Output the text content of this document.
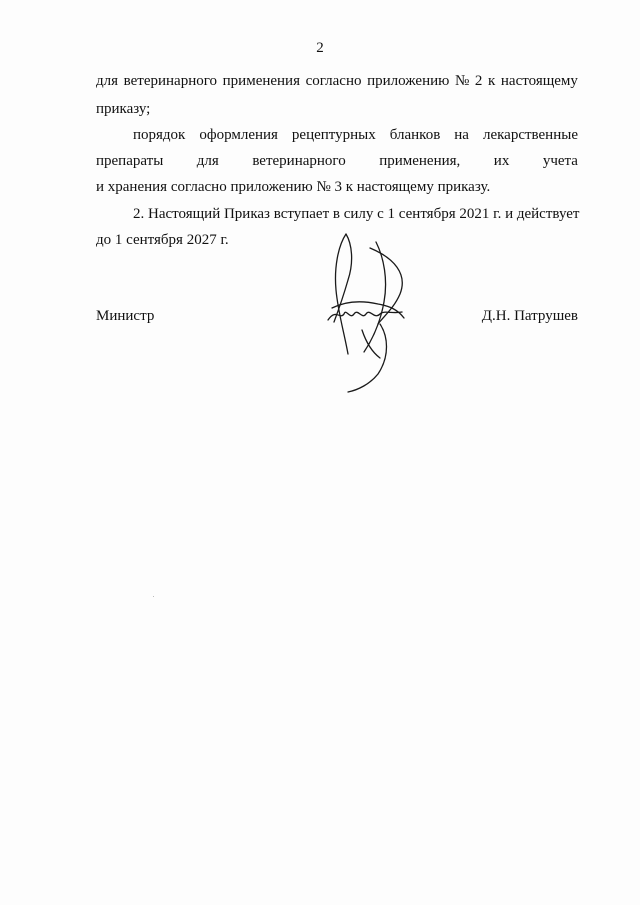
2
для ветеринарного применения согласно приложению № 2 к настоящему
приказу;
порядок оформления рецептурных бланков на лекарственные
препараты для ветеринарного применения, их учета
и хранения согласно приложению № 3 к настоящему приказу.
2. Настоящий Приказ вступает в силу с 1 сентября 2021 г. и действует
до 1 сентября 2027 г.
Министр	Д.Н. Патрушев
